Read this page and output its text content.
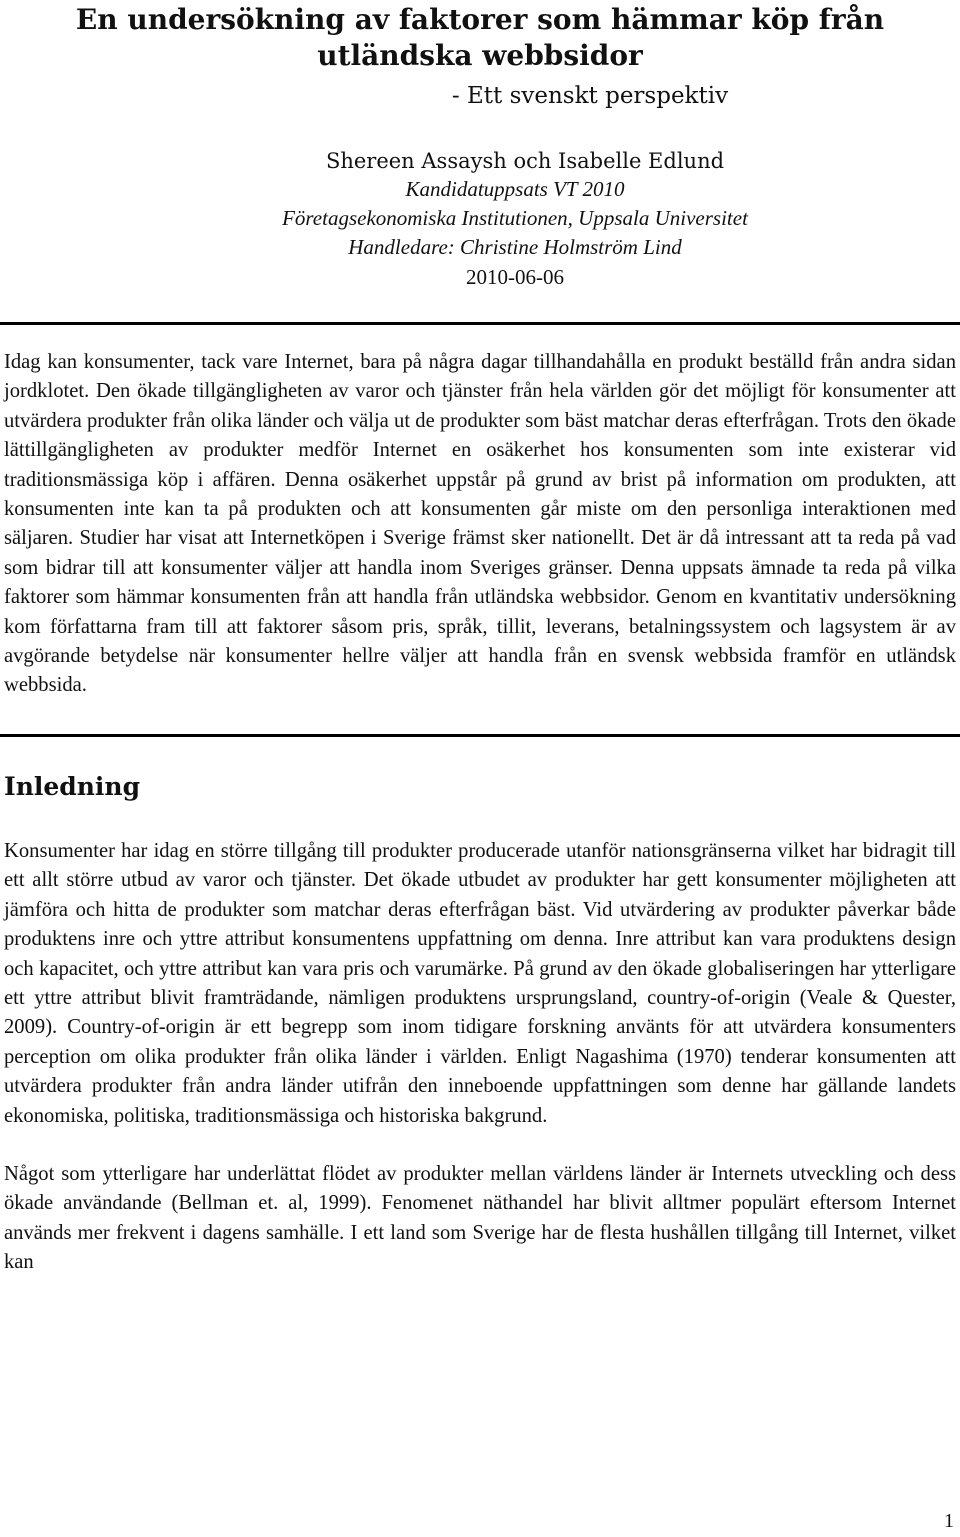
En undersökning av faktorer som hämmar köp från utländska webbsidor
- Ett svenskt perspektiv
Shereen Assaysh och Isabelle Edlund
Kandidatuppsats VT 2010
Företagsekonomiska Institutionen, Uppsala Universitet
Handledare: Christine Holmström Lind
2010-06-06

Idag kan konsumenter, tack vare Internet, bara på några dagar tillhandahålla en produkt beställd från andra sidan jordklotet. Den ökade tillgängligheten av varor och tjänster från hela världen gör det möjligt för konsumenter att utvärdera produkter från olika länder och välja ut de produkter som bäst matchar deras efterfrågan. Trots den ökade lättillgängligheten av produkter medför Internet en osäkerhet hos konsumenten som inte existerar vid traditionsmässiga köp i affären. Denna osäkerhet uppstår på grund av brist på information om produkten, att konsumenten inte kan ta på produkten och att konsumenten går miste om den personliga interaktionen med säljaren. Studier har visat att Internetköpen i Sverige främst sker nationellt. Det är då intressant att ta reda på vad som bidrar till att konsumenter väljer att handla inom Sveriges gränser. Denna uppsats ämnade ta reda på vilka faktorer som hämmar konsumenten från att handla från utländska webbsidor. Genom en kvantitativ undersökning kom författarna fram till att faktorer såsom pris, språk, tillit, leverans, betalningssystem och lagsystem är av avgörande betydelse när konsumenter hellre väljer att handla från en svensk webbsida framför en utländsk webbsida.

Inledning

Konsumenter har idag en större tillgång till produkter producerade utanför nationsgränserna vilket har bidragit till ett allt större utbud av varor och tjänster. Det ökade utbudet av produkter har gett konsumenter möjligheten att jämföra och hitta de produkter som matchar deras efterfrågan bäst. Vid utvärdering av produkter påverkar både produktens inre och yttre attribut konsumentens uppfattning om denna. Inre attribut kan vara produktens design och kapacitet, och yttre attribut kan vara pris och varumärke. På grund av den ökade globaliseringen har ytterligare ett yttre attribut blivit framträdande, nämligen produktens ursprungsland, country-of-origin (Veale & Quester, 2009). Country-of-origin är ett begrepp som inom tidigare forskning använts för att utvärdera konsumenters perception om olika produkter från olika länder i världen. Enligt Nagashima (1970) tenderar konsumenten att utvärdera produkter från andra länder utifrån den inneboende uppfattningen som denne har gällande landets ekonomiska, politiska, traditionsmässiga och historiska bakgrund.

Något som ytterligare har underlättat flödet av produkter mellan världens länder är Internets utveckling och dess ökade användande (Bellman et. al, 1999). Fenomenet näthandel har blivit alltmer populärt eftersom Internet används mer frekvent i dagens samhälle. I ett land som Sverige har de flesta hushållen tillgång till Internet, vilket kan

1
